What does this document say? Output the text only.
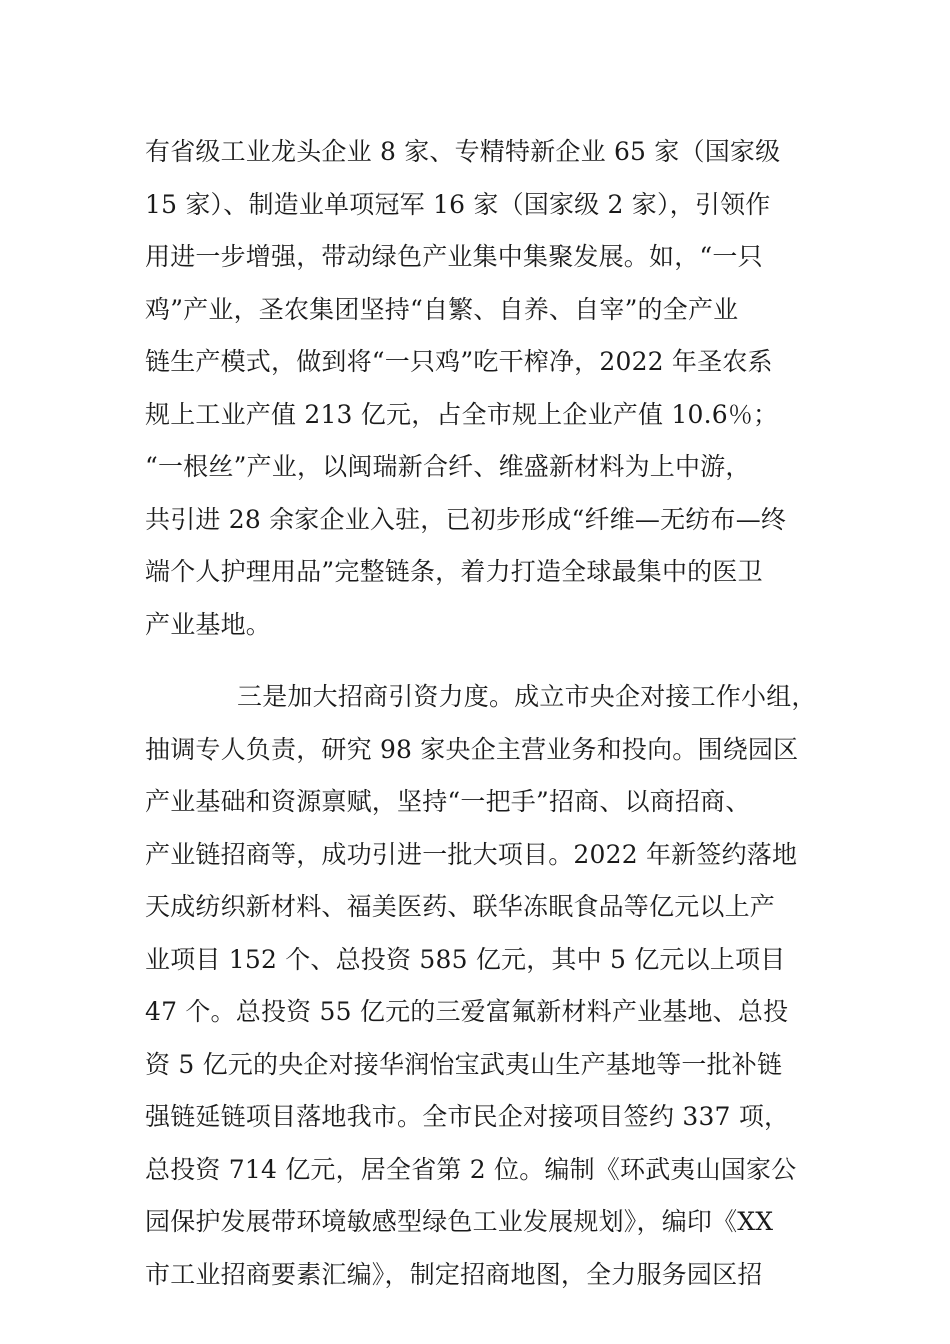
有省级工业龙头企业 8 家、专精特新企业 65 家（国家级
15 家）、制造业单项冠军 16 家（国家级 2 家），引领作
用进一步增强，带动绿色产业集中集聚发展。如，“一只
鸡”产业，圣农集团坚持“自繁、自养、自宰”的全产业
链生产模式，做到将“一只鸡”吃干榨净，2022 年圣农系
规上工业产值 213 亿元，占全市规上企业产值 10.6％；
“一根丝”产业，以闽瑞新合纤、维盛新材料为上中游，
共引进 28 余家企业入驻，已初步形成“纤维—无纺布—终
端个人护理用品”完整链条，着力打造全球最集中的医卫
产业基地。
三是加大招商引资力度。成立市央企对接工作小组，
抽调专人负责，研究 98 家央企主营业务和投向。围绕园区
产业基础和资源禀赋，坚持“一把手”招商、以商招商、
产业链招商等，成功引进一批大项目。2022 年新签约落地
天成纺织新材料、福美医药、联华冻眠食品等亿元以上产
业项目 152 个、总投资 585 亿元，其中 5 亿元以上项目
47 个。总投资 55 亿元的三爱富氟新材料产业基地、总投
资 5 亿元的央企对接华润怡宝武夷山生产基地等一批补链
强链延链项目落地我市。全市民企对接项目签约 337 项，
总投资 714 亿元，居全省第 2 位。编制《环武夷山国家公
园保护发展带环境敏感型绿色工业发展规划》，编印《XX
市工业招商要素汇编》，制定招商地图，全力服务园区招
